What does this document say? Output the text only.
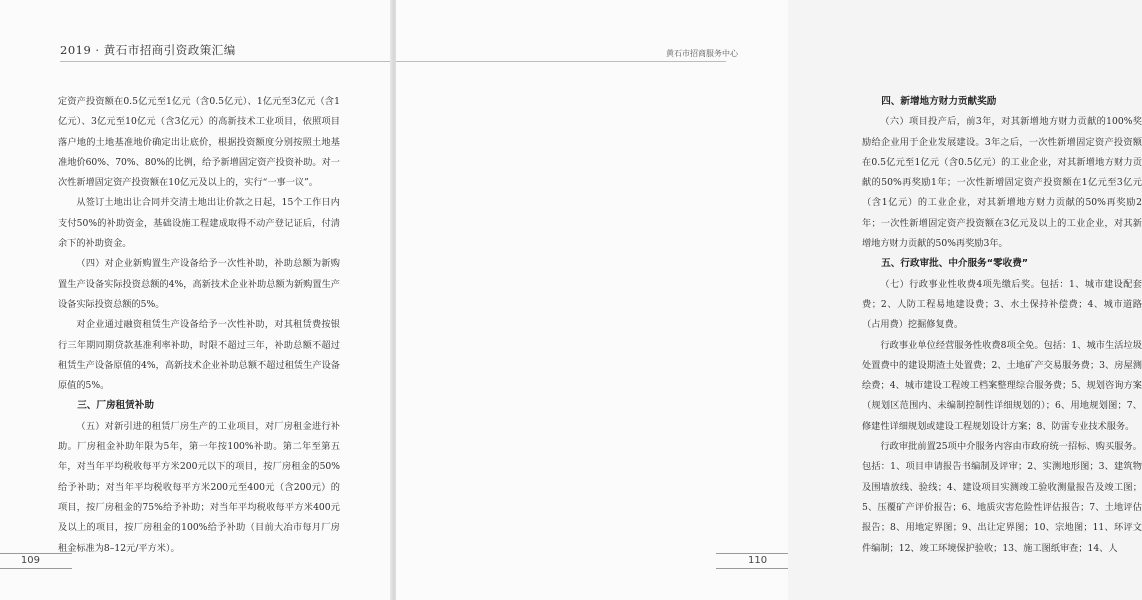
2019 · 黄石市招商引资政策汇编

定资产投资额在0.5亿元至1亿元（含0.5亿元）、1亿元至3亿元（含1亿元）、3亿元至10亿元（含3亿元）的高新技术工业项目，依照项目落户地的土地基准地价确定出让底价，根据投资额度分别按照土地基准地价60%、70%、80%的比例，给予新增固定资产投资补助。对一次性新增固定资产投资额在10亿元及以上的，实行“一事一议”。

从签订土地出让合同并交清土地出让价款之日起，15个工作日内支付50%的补助资金，基础设施工程建成取得不动产登记证后，付清余下的补助资金。

（四）对企业新购置生产设备给予一次性补助，补助总额为新购置生产设备实际投资总额的4%，高新技术企业补助总额为新购置生产设备实际投资总额的5%。

对企业通过融资租赁生产设备给予一次性补助，对其租赁费按银行三年期同期贷款基准利率补助，时限不超过三年，补助总额不超过租赁生产设备原值的4%，高新技术企业补助总额不超过租赁生产设备原值的5%。

三、厂房租赁补助

（五）对新引进的租赁厂房生产的工业项目，对厂房租金进行补助。厂房租金补助年限为5年，第一年按100%补助。第二年至第五年，对当年平均税收每平方米200元以下的项目，按厂房租金的50%给予补助；对当年平均税收每平方米200元至400元（含200元）的项目，按厂房租金的75%给予补助；对当年平均税收每平方米400元及以上的项目，按厂房租金的100%给予补助（目前大冶市每月厂房租金标准为8–12元/平方米）。

109
黄石市招商服务中心
四、新增地方财力贡献奖励

（六）项目投产后，前3年，对其新增地方财力贡献的100%奖励给企业用于企业发展建设。3年之后，一次性新增固定资产投资额在0.5亿元至1亿元（含0.5亿元）的工业企业，对其新增地方财力贡献的50%再奖励1年；一次性新增固定资产投资额在1亿元至3亿元（含1亿元）的工业企业，对其新增地方财力贡献的50%再奖励2年；一次性新增固定资产投资额在3亿元及以上的工业企业，对其新增地方财力贡献的50%再奖励3年。

五、行政审批、中介服务“零收费”

（七）行政事业性收费4项先缴后奖。包括：1、城市建设配套费；2、人防工程易地建设费；3、水土保持补偿费；4、城市道路（占用费）挖掘修复费。

行政事业单位经营服务性收费8项全免。包括：1、城市生活垃圾处置费中的建设期渣土处置费；2、土地矿产交易服务费；3、房屋测绘费；4、城市建设工程竣工档案整理综合服务费；5、规划咨询方案（规划区范围内、未编制控制性详细规划的）；6、用地规划图；7、修建性详细规划或建设工程规划设计方案；8、防雷专业技术服务。

行政审批前置25项中介服务内容由市政府统一招标、购买服务。包括：1、项目申请报告书编制及评审；2、实测地形图；3、建筑物及围墙放线、验线；4、建设项目实测竣工验收测量报告及竣工图；5、压覆矿产评价报告；6、地质灾害危险性评估报告；7、土地评估报告；8、用地定界图；9、出让定界图；10、宗地图；11、环评文件编制；12、竣工环境保护验收；13、施工图纸审查；14、人

110
